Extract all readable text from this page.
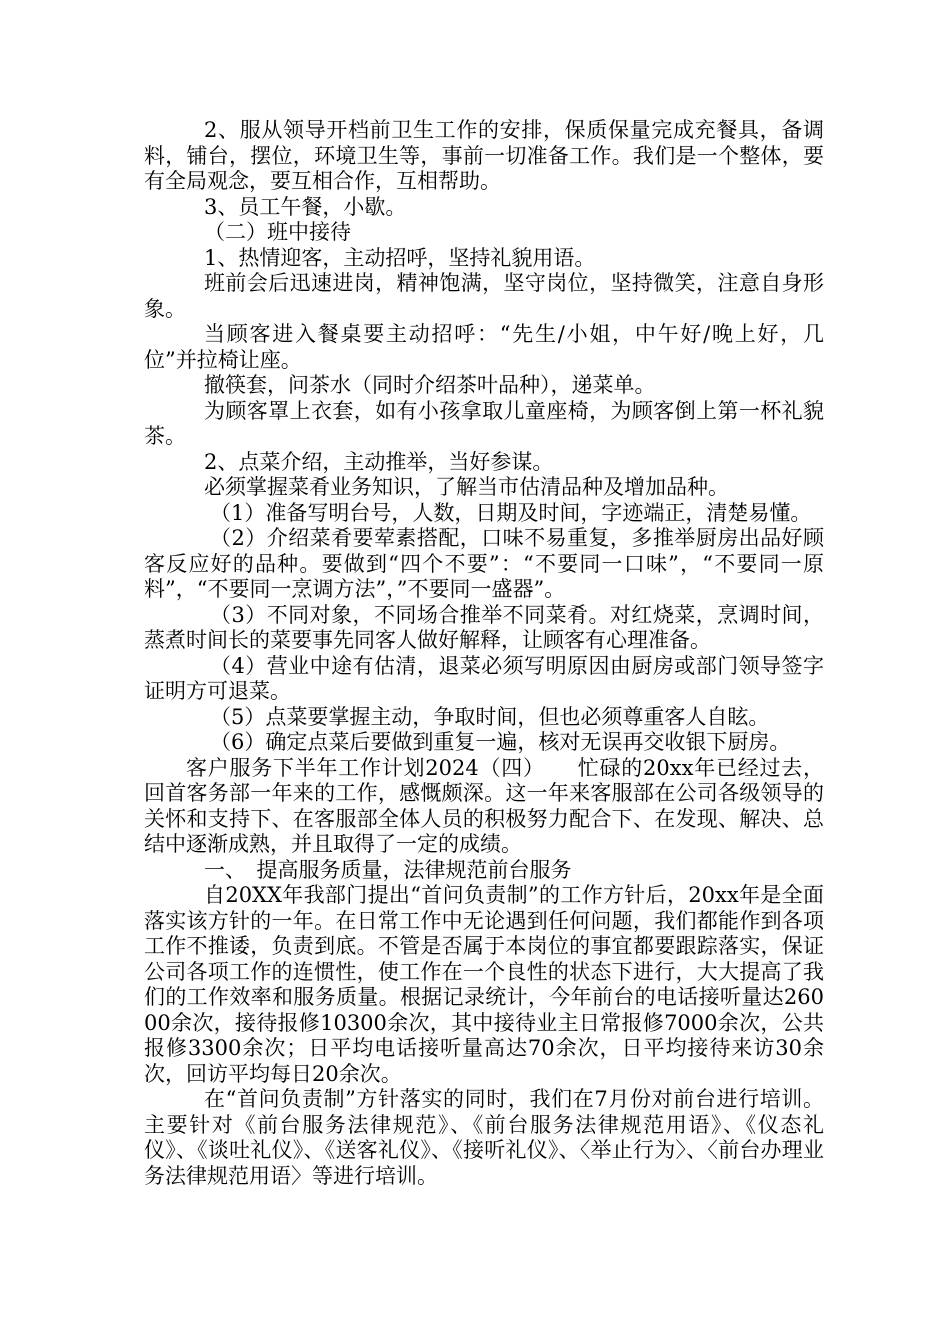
2、服从领导开档前卫生工作的安排，保质保量完成充餐具，备调料，铺台，摆位，环境卫生等，事前一切准备工作。我们是一个整体，要有全局观念，要互相合作，互相帮助。

3、员工午餐，小歇。

（二）班中接待

1、热情迎客，主动招呼，坚持礼貌用语。

班前会后迅速进岗，精神饱满，坚守岗位，坚持微笑，注意自身形象。

当顾客进入餐桌要主动招呼：“先生/小姐，中午好/晚上好，几位”并拉椅让座。

撤筷套，问茶水（同时介绍茶叶品种），递菜单。

为顾客罩上衣套，如有小孩拿取儿童座椅，为顾客倒上第一杯礼貌茶。

2、点菜介绍，主动推举，当好参谋。

必须掌握菜肴业务知识，了解当市估清品种及增加品种。

（1）准备写明台号，人数，日期及时间，字迹端正，清楚易懂。

（2）介绍菜肴要荤素搭配，口味不易重复，多推举厨房出品好顾客反应好的品种。要做到“四个不要”：“不要同一口味”，“不要同一原料”，“不要同一烹调方法”，”不要同一盛器”。

（3）不同对象，不同场合推举不同菜肴。对红烧菜，烹调时间，蒸煮时间长的菜要事先同客人做好解释，让顾客有心理准备。

（4）营业中途有估清，退菜必须写明原因由厨房或部门领导签字证明方可退菜。

（5）点菜要掌握主动，争取时间，但也必须尊重客人自眩。

（6）确定点菜后要做到重复一遍，核对无误再交收银下厨房。

客户服务下半年工作计划2024（四）　　忙碌的20xx年已经过去，回首客务部一年来的工作，感慨颇深。这一年来客服部在公司各级领导的关怀和支持下、在客服部全体人员的积极努力配合下、在发现、解决、总结中逐渐成熟，并且取得了一定的成绩。

一、　提高服务质量，法律规范前台服务

自20XX年我部门提出“首问负责制”的工作方针后，20xx年是全面落实该方针的一年。在日常工作中无论遇到任何问题，我们都能作到各项工作不推诿，负责到底。不管是否属于本岗位的事宜都要跟踪落实，保证公司各项工作的连惯性，使工作在一个良性的状态下进行，大大提高了我们的工作效率和服务质量。根据记录统计，今年前台的电话接听量达26000余次，接待报修10300余次，其中接待业主日常报修7000余次，公共报修3300余次；日平均电话接听量高达70余次，日平均接待来访30余次，回访平均每日20余次。

在“首问负责制”方针落实的同时，我们在7月份对前台进行培训。主要针对《前台服务法律规范》、《前台服务法律规范用语》、《仪态礼仪》、《谈吐礼仪》、《送客礼仪》、《接听礼仪》、〈举止行为〉、〈前台办理业务法律规范用语〉等进行培训。
